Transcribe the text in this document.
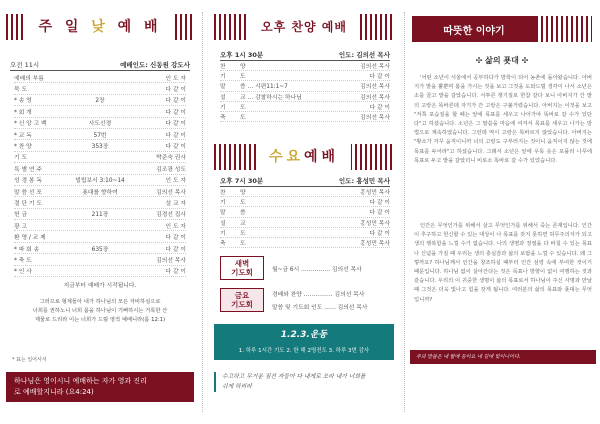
주 일 낮 예 배
오전 11시	예배인도: 신동원 강도사
예배의 부름	인 도 자
묵 도	다 같 이
* 송 영	2장	다 같 이
* 회 개	다 같 이
* 신 앙 고 백	사도신경	다 같 이
* 교 독	57번	다 같 이
* 찬 양	353장	다 같 이
기 도	박준숙 권사
특 별 연 주	김조광 성도
성 경 봉 독	빌립보서 3:10~14	인 도 자
말 씀 선 포	푯대를 향하여	김의선 목사
결 단 기 도	설 교 자
헌 금	211장	김경선 집사
광 고	인 도 자
환 영 / 교 제	다 같 이
* 파 회 송	635장	다 같 이
* 축 도	김의선 목사
* 인 사	다 같 이
지금부터 예배가 시작됩니다.
그러므로 형제들아 내가 하나님의 모든 자비하심으로
너희를 권하노니 너희 몸을 하나님이 기뻐하시는 거룩한 산
제물로 드리라 이는 너희가 드릴 영적 예배니라(롬 12:1)
* 표는 일어서서
하나님은 영이시니 예배하는 자가 영과 진리
로 예배할지니라 (요4:24)
오후 찬양 예배
오후 1시 30분	인도: 김의선 목사
찬	양	김의선 목사
기	도	다 같 이
말	씀 … 시편11:1~7	김의선 목사
설	교 … 감찰하시는 하나님	김의선 목사
기	도	다 같 이
축	도	김의선 목사
수요예배
오후 7시 30분	인도: 홍성민 목사
찬	양	홍성민 목사
기	도	다 같 이
말	씀	다 같 이
설	교	홍성민 목사
기	도	다 같 이
축	도	홍성민 목사
새벽
기도회	월~금 6시 …………… 김의선 목사
금요
기도회
경배와 찬양 …………… 김의선 목사
말씀 및 기도회 인도 …… 김의선 목사
1.2.3.운동
1. 하루 1시간 기도 2. 한 해 2명전도 3. 하루 3번 감사
수고하고 무거운 짐진 자들아 다 내게로 오라 내가 너희를
쉬게 하리라
따뜻한 이야기
✣ 삶의 푯대 ✣
'어떤 소년이 서울에서 공부하다가 방학이 되어 농촌에 돌아왔습니다. 아버지가 밭을 뿔뿐며 봄을 가시는 것을 보고 그것을 도와드릴 생각이 나서 소년은 소를 끌고 밭을 갈았습니다. 서투른 쟁기질로 한참 갈다 보니 아버지가 간 밭의 고랑은 똑바른데 자기가 간 고랑은 구불거렸습니다. 아버지는 이것을 보고 "저쪽 포습질을 할 때는 앞에 목표를 세우고 나아가야 똑바로 갈 수가 있단다"고 하셨습니다. 소년은 그 말씀을 마음에 여겨서 목표를 세우고 나가는 방법으로 계속하였습니다. 그런데 역시 고랑은 똑바르지 않았습니다. 아버지는 "황소가 자꾸 움직이니까 너의 고랑도 구부러지는 것이니 움직이지 않는 것에 목표를 두어라"고 하셨습니다. 그래서 소년은 앞에 우뚝 솟은 포플러 나무에 목표로 두고 밭을 갈았더니 비로소 똑바로 갈 수가 있었습니다.
인간은 무엇인가를 위해서 살고 무엇인가를 위해서 죽는 존재입니다. 인간이 추구하고 헌신할 수 있는 대상이 나 목표를 갖지 못하면 허무주의자가 되고 생의 행복함을 느낄 수가 없습니다. 나의 생명과 정열을 다 바칠 수 있는 목표나 신념을 가질 때 우리는 생의 충실감과 삶의 보람을 느낄 수 있습니다. 왜 그렇까요? 하나님께서 인간을 창조하실 때부터 인간 심령 속에 부여한 것이기 때문입니다. 하나님 없이 살아간다는 것은 목표나 방향이 없이 여행하는 것과 같습니다. 우리의 이 귀중한 생명이 삶의 목표로서 하나님이 주신 사명과 만날 때 그것은 더욱 빛나고 힘을 갖게 됩니다. 여러분의 삶의 목표와 푯대는 무엇입니까?
주의 말씀은 내 발에 등이요 내 길에 빛이니이다.
